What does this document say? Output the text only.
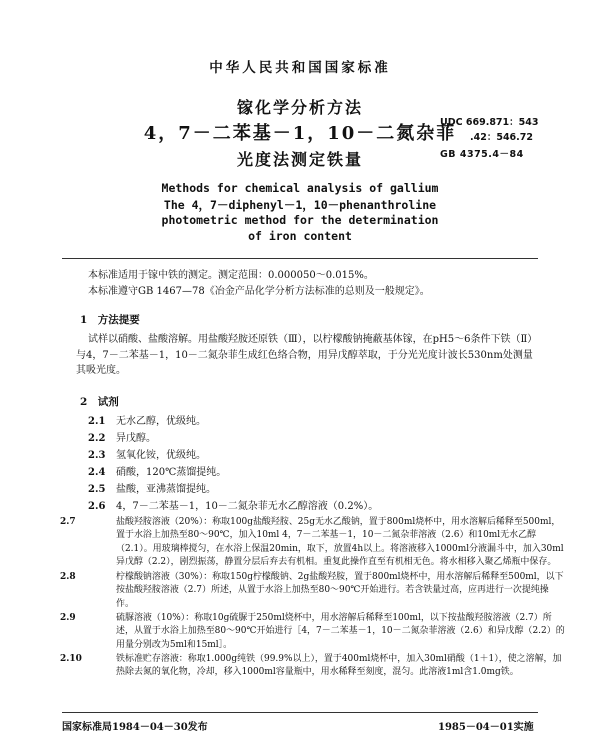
中华人民共和国国家标准
镓化学分析方法
4，7－二苯基－1，10－二氮杂菲
光度法测定铁量
UDC 669.871：543
.42：546.72
GB 4375.4－84
Methods for chemical analysis of gallium
The 4，7－diphenyl－1，10－phenanthroline
photometric method for the determination
of iron content
本标准适用于镓中铁的测定。测定范围：0.000050～0.015%。
本标准遵守GB 1467—78《冶金产品化学分析方法标准的总则及一般规定》。
1　方法提要
试样以硝酸、盐酸溶解。用盐酸羟胺还原铁（Ⅲ），以柠檬酸钠掩蔽基体镓，在pH5～6条件下铁（Ⅱ）与4，7－二苯基－1，10－二氮杂菲生成红色络合物，用异戊醇萃取，于分光光度计波长530nm处测量其吸光度。
2　试剂
2.1 无水乙醇，优级纯。
2.2 异戊醇。
2.3 氢氧化铵，优级纯。
2.4 硝酸，120℃蒸馏提纯。
2.5 盐酸，亚沸蒸馏提纯。
2.6 4，7－二苯基－1，10－二氮杂菲无水乙醇溶液（0.2%）。
2.7	盐酸羟胺溶液（20%）：称取100g盐酸羟胺、25g无水乙酸钠，置于800ml烧杯中，用水溶解后稀释至500ml，置于水浴上加热至80～90℃，加入10ml 4，7－二苯基－1，10－二氮杂菲溶液（2.6）和10ml无水乙醇（2.1）。用玻璃棒搅匀，在水浴上保温20min，取下，放置4h以上。将溶液移入1000ml分液漏斗中，加入30ml异戊醇（2.2），剧烈振荡，静置分层后弃去有机相。重复此操作直至有机相无色。将水相移入聚乙烯瓶中保存。
2.8	柠檬酸钠溶液（30%）：称取150g柠檬酸钠、2g盐酸羟胺，置于800ml烧杯中，用水溶解后稀释至500ml，以下按盐酸羟胺溶液（2.7）所述，从置于水浴上加热至80～90℃开始进行。若含铁量过高，应再进行一次提纯操作。
2.9	硫脲溶液（10%）：称取10g硫脲于250ml烧杯中，用水溶解后稀释至100ml，以下按盐酸羟胺溶液（2.7）所述，从置于水浴上加热至80～90℃开始进行［4，7－二苯基－1，10－二氮杂菲溶液（2.6）和异戊醇（2.2）的用量分别改为5ml和15ml］。
国家标准局1984－04－30发布	1985－04－01实施
2.10	铁标准贮存溶液：称取1.000g纯铁（99.9%以上），置于400ml烧杯中，加入30ml硝酸（1＋1），使之溶解，加热除去氮的氧化物，冷却，移入1000ml容量瓶中，用水稀释至刻度，混匀。此溶液1ml含1.0mg铁。
